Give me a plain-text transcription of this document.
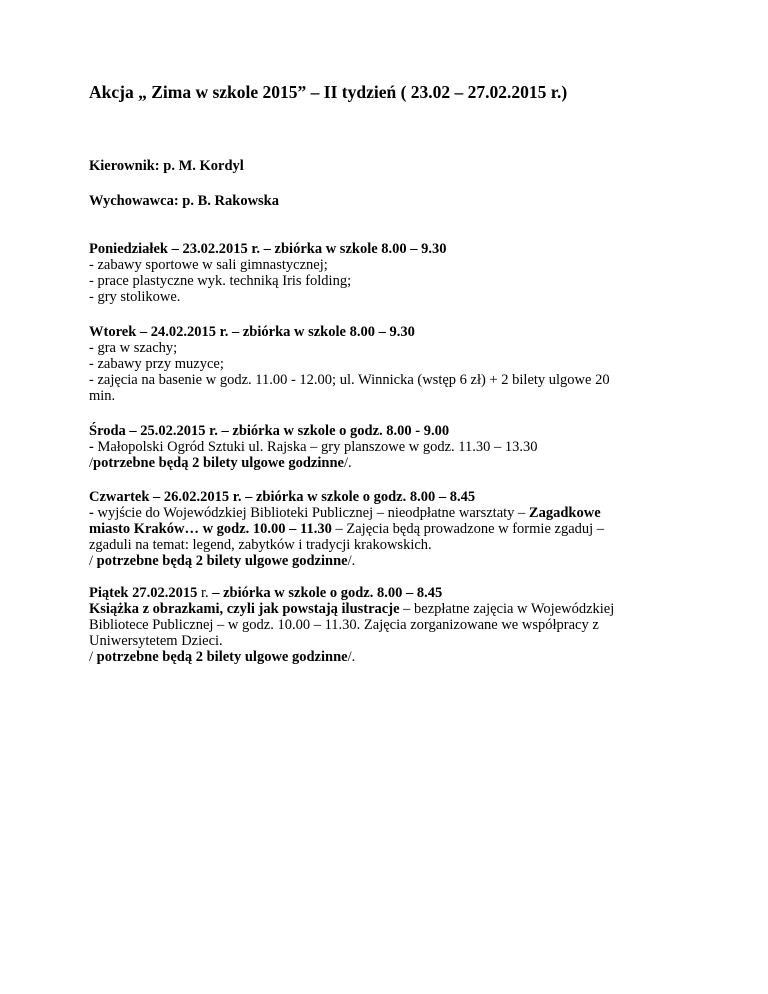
Akcja „ Zima w szkole 2015” – II tydzień ( 23.02 – 27.02.2015 r.)

Kierownik: p. M. Kordyl

Wychowawca: p. B. Rakowska

Poniedziałek – 23.02.2015 r. – zbiórka w szkole 8.00 – 9.30

- zabawy sportowe w sali gimnastycznej;

- prace plastyczne wyk. techniką Iris folding;

- gry stolikowe.

Wtorek – 24.02.2015 r. – zbiórka w szkole 8.00 – 9.30

- gra w szachy;

- zabawy przy muzyce;

- zajęcia na basenie w godz. 11.00 - 12.00; ul. Winnicka (wstęp 6 zł) + 2 bilety ulgowe 20

min.

Środa – 25.02.2015 r. – zbiórka w szkole o godz. 8.00 - 9.00

- Małopolski Ogród Sztuki ul. Rajska – gry planszowe w godz. 11.30 – 13.30

/potrzebne będą 2 bilety ulgowe godzinne/.

Czwartek – 26.02.2015 r. – zbiórka w szkole o godz. 8.00 – 8.45

- wyjście do Wojewódzkiej Biblioteki Publicznej – nieodpłatne warsztaty – Zagadkowe

miasto Kraków… w godz. 10.00 – 11.30 – Zajęcia będą prowadzone w formie zgaduj –

zgaduli na temat: legend, zabytków i tradycji krakowskich.

/ potrzebne będą 2 bilety ulgowe godzinne/.

Piątek 27.02.2015 r. – zbiórka w szkole o godz. 8.00 – 8.45

Książka z obrazkami, czyli jak powstają ilustracje – bezpłatne zajęcia w Wojewódzkiej

Bibliotece Publicznej – w godz. 10.00 – 11.30. Zajęcia zorganizowane we współpracy z

Uniwersytetem Dzieci.

/ potrzebne będą 2 bilety ulgowe godzinne/.
